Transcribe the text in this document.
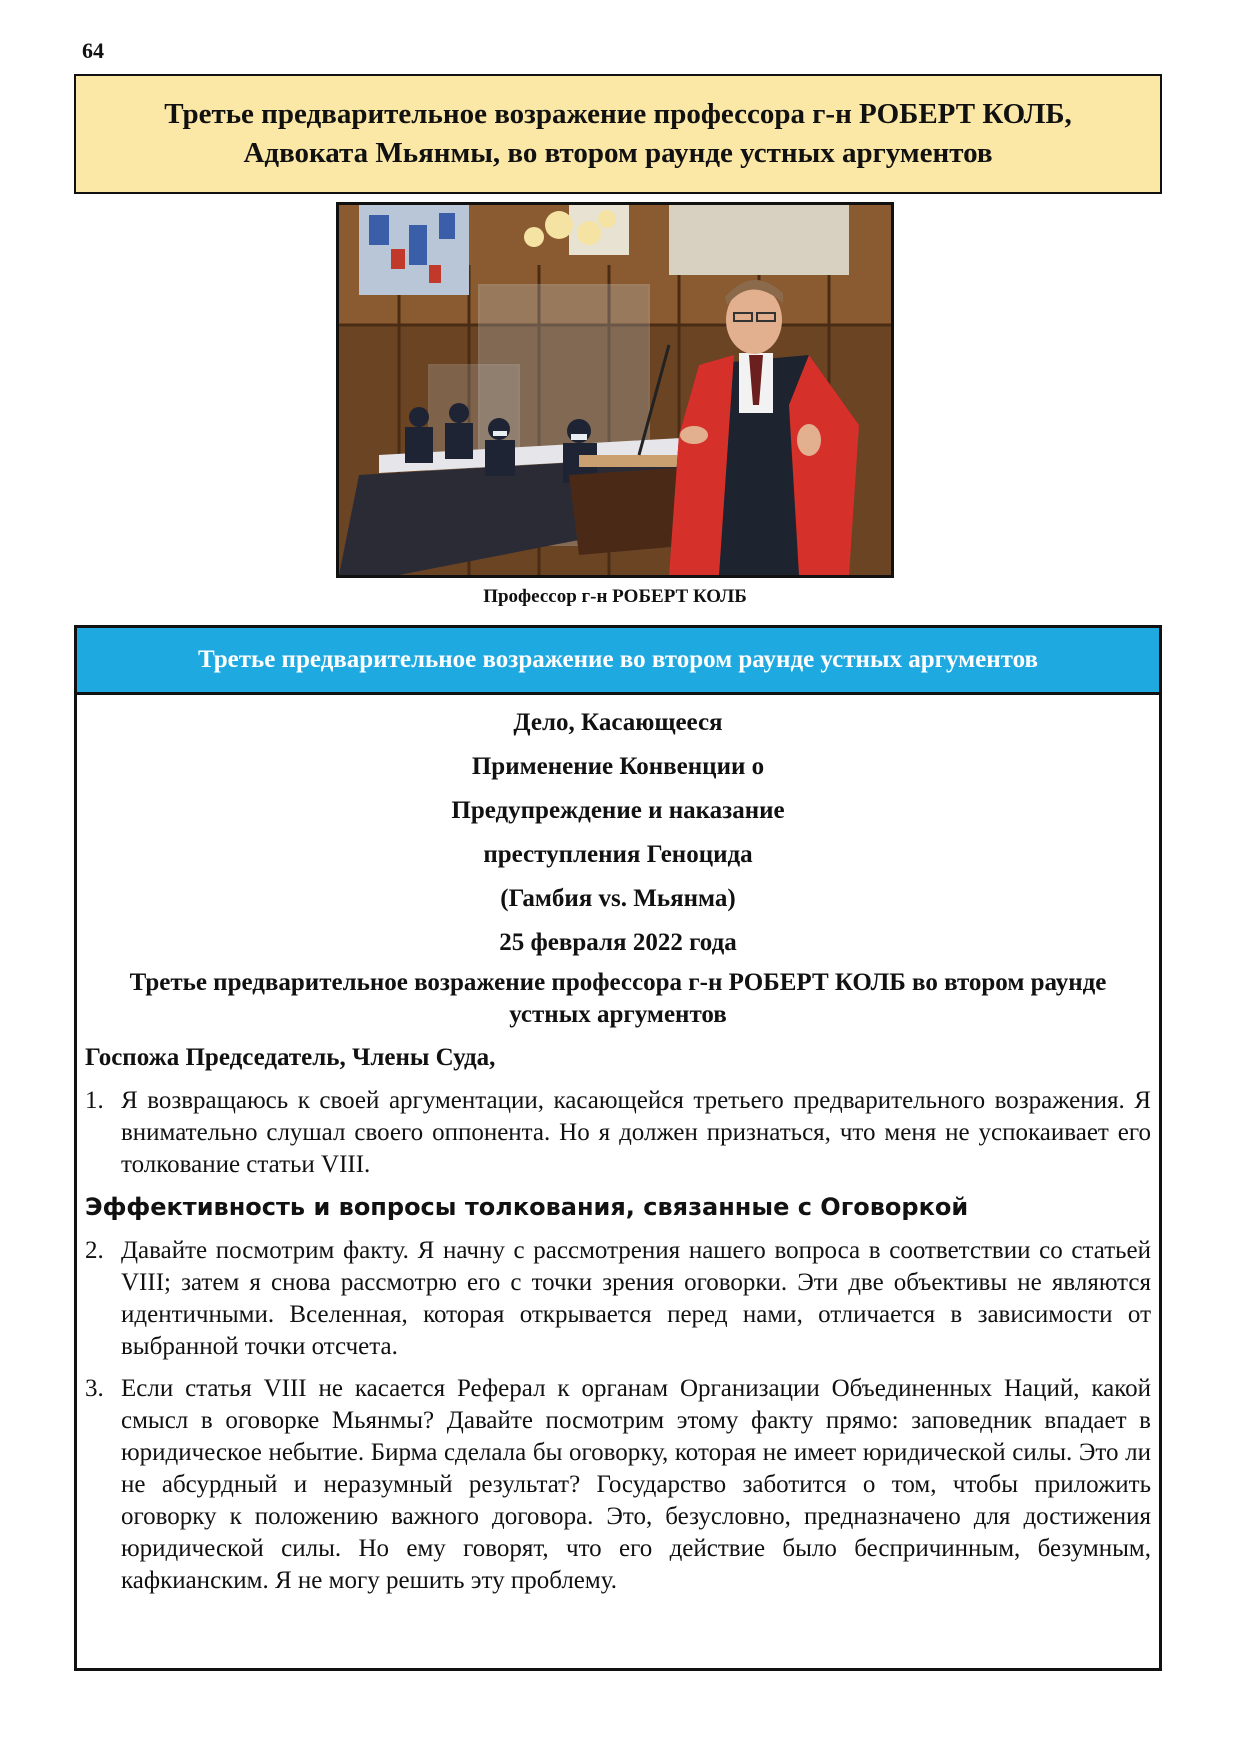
64
Третье предварительное возражение профессора г-н РОБЕРТ КОЛБ,
Адвоката Мьянмы, во втором раунде устных аргументов
Профессор г-н РОБЕРТ КОЛБ
Третье предварительное возражение во втором раунде устных аргументов
Дело, Касающееся
Применение Конвенции о
Предупреждение и наказание
преступления Геноцида
(Гамбия vs. Мьянма)
25 февраля 2022 года
Третье предварительное возражение профессора г-н РОБЕРТ КОЛБ во втором раунде устных аргументов
Госпожа Председатель, Члены Суда,
1. Я возвращаюсь к своей аргументации, касающейся третьего предварительного возражения. Я внимательно слушал своего оппонента. Но я должен признаться, что меня не успокаивает его толкование статьи VIII.
Эффективность и вопросы толкования, связанные с Оговоркой
2. Давайте посмотрим факту. Я начну с рассмотрения нашего вопроса в соответствии со статьей VIII; затем я снова рассмотрю его с точки зрения оговорки. Эти две объективы не являются идентичными. Вселенная, которая открывается перед нами, отличается в зависимости от выбранной точки отсчета.
3. Если статья VIII не касается Реферал к органам Организации Объединенных Наций, какой смысл в оговорке Мьянмы? Давайте посмотрим этому факту прямо: заповедник впадает в юридическое небытие. Бирма сделала бы оговорку, которая не имеет юридической силы. Это ли не абсурдный и неразумный результат? Государство заботится о том, чтобы приложить оговорку к положению важного договора. Это, безусловно, предназначено для достижения юридической силы. Но ему говорят, что его действие было беспричинным, безумным, кафкианским. Я не могу решить эту проблему.
